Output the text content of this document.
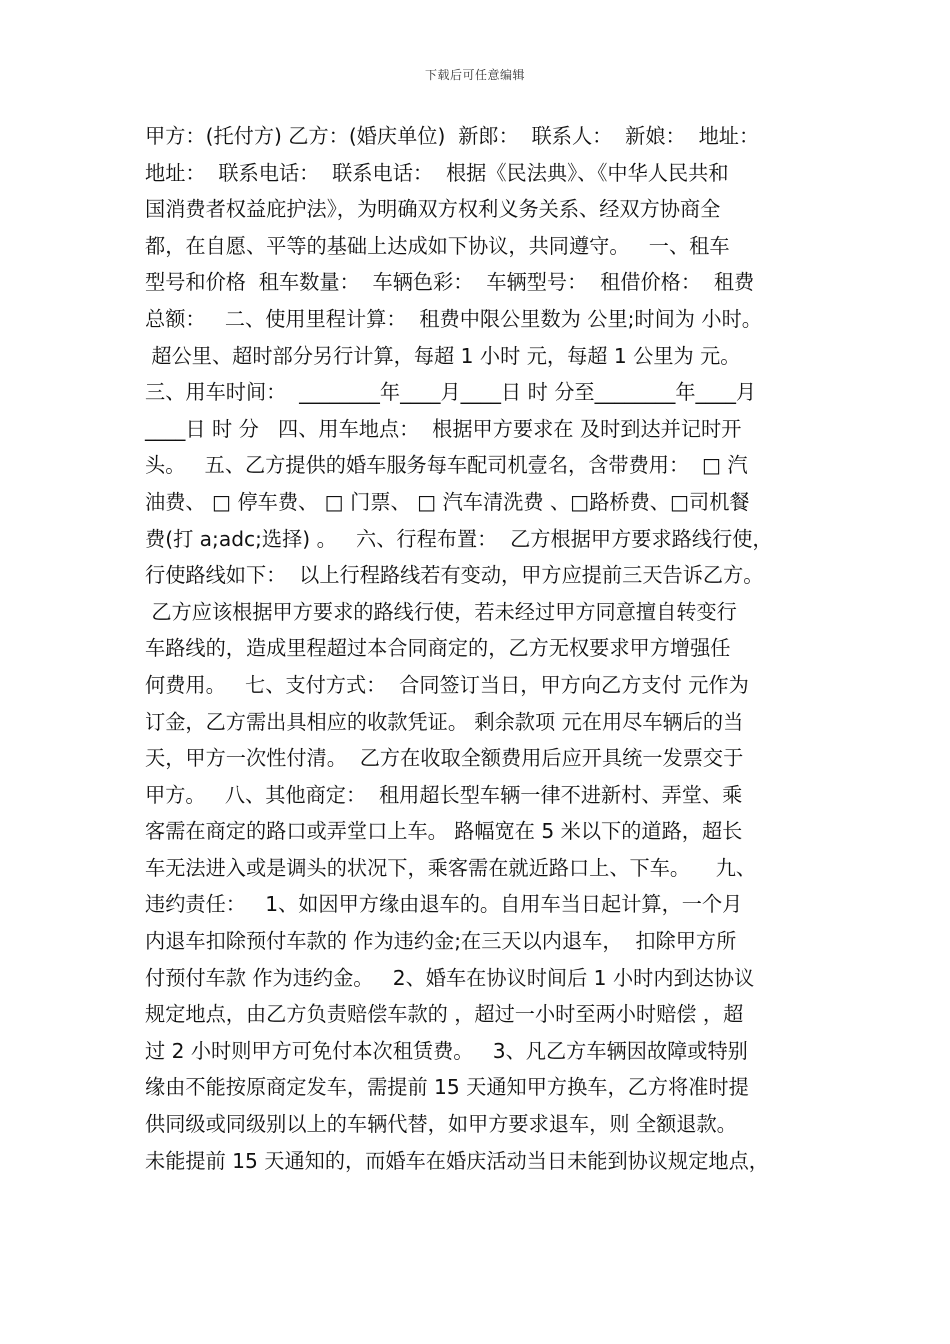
下载后可任意编辑
甲方：(托付方) 乙方：(婚庆单位)  新郎：  联系人：  新娘：  地址：
地址：  联系电话：  联系电话：  根据《民法典》、《中华人民共和
国消费者权益庇护法》，为明确双方权利义务关系、经双方协商全
都，在自愿、平等的基础上达成如下协议，共同遵守。   一、租车
型号和价格  租车数量：  车辆色彩：  车辆型号：  租借价格：  租费
总额：   二、使用里程计算：  租费中限公里数为 公里;时间为 小时。
超公里、超时部分另行计算，每超 1 小时 元，每超 1 公里为 元。
三、用车时间：  ________年____月____日 时 分至________年____月
____日 时 分   四、用车地点：  根据甲方要求在 及时到达并记时开
头。   五、乙方提供的婚车服务每车配司机壹名，含带费用：  □ 汽
油费、 □ 停车费、 □ 门票、 □ 汽车清洗费 、□路桥费、□司机餐
费(打 a;adc;选择) 。   六、行程布置：  乙方根据甲方要求路线行使，
行使路线如下：  以上行程路线若有变动，甲方应提前三天告诉乙方。
乙方应该根据甲方要求的路线行使，若未经过甲方同意擅自转变行
车路线的，造成里程超过本合同商定的，乙方无权要求甲方增强任
何费用。   七、支付方式：  合同签订当日，甲方向乙方支付 元作为
订金，乙方需出具相应的收款凭证。 剩余款项 元在用尽车辆后的当
天，甲方一次性付清。  乙方在收取全额费用后应开具统一发票交于
甲方。   八、其他商定：  租用超长型车辆一律不进新村、弄堂、乘
客需在商定的路口或弄堂口上车。 路幅宽在 5 米以下的道路，超长
车无法进入或是调头的状况下，乘客需在就近路口上、下车。    九、
违约责任：   1、如因甲方缘由退车的。自用车当日起计算，一个月
内退车扣除预付车款的 作为违约金;在三天以内退车，  扣除甲方所
付预付车款 作为违约金。   2、婚车在协议时间后 1 小时内到达协议
规定地点，由乙方负责赔偿车款的 ，超过一小时至两小时赔偿 ，超
过 2 小时则甲方可免付本次租赁费。   3、凡乙方车辆因故障或特别
缘由不能按原商定发车，需提前 15 天通知甲方换车，乙方将准时提
供同级或同级别以上的车辆代替，如甲方要求退车，则 全额退款。
未能提前 15 天通知的，而婚车在婚庆活动当日未能到协议规定地点，
